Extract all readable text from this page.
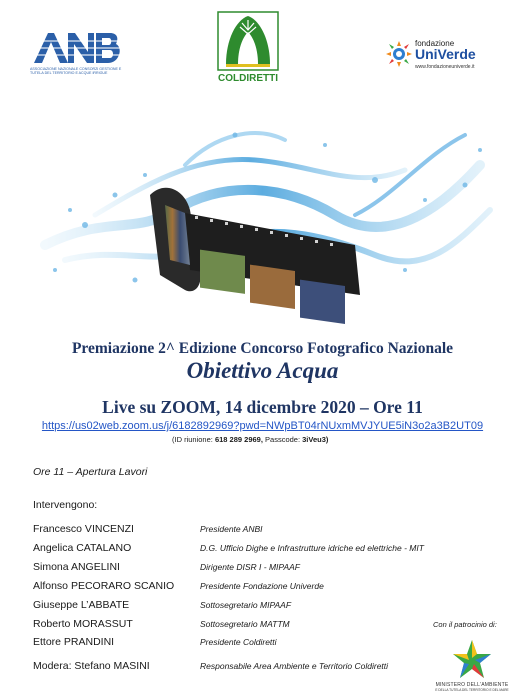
ASSOCIAZIONE NAZIONALE CONSORZI GESTIONE E TUTELA DEL TERRITORIO E ACQUE IRRIGUE	COLDIRETTI
fondazione
UniVerde
www.fondazioneuniverde.it
Premiazione 2^ Edizione Concorso Fotografico Nazionale
Obiettivo Acqua
Live su ZOOM, 14 dicembre 2020 – Ore 11
https://us02web.zoom.us/j/6182892969?pwd=NWpBT04rNUxmMVJYUE5iN3o2a3B2UT09
(ID riunione: 618 289 2969, Passcode: 3iVeu3)
Ore 11 – Apertura Lavori
Intervengono:
Francesco VINCENZI	Presidente ANBI
Angelica CATALANO	D.G. Ufficio Dighe e Infrastrutture idriche ed elettriche - MIT
Simona ANGELINI	Dirigente DISR I - MIPAAF
Alfonso PECORARO SCANIO	Presidente Fondazione Univerde
Giuseppe L’ABBATE	Sottosegretario MIPAAF
Roberto MORASSUT	Sottosegretario MATTM
Ettore PRANDINI	Presidente Coldiretti
Modera: Stefano MASINI	Responsabile Area Ambiente e Territorio Coldiretti
Con il patrocinio di:
MINISTERO DELL'AMBIENTE
E DELLA TUTELA DEL TERRITORIO E DEL MARE
